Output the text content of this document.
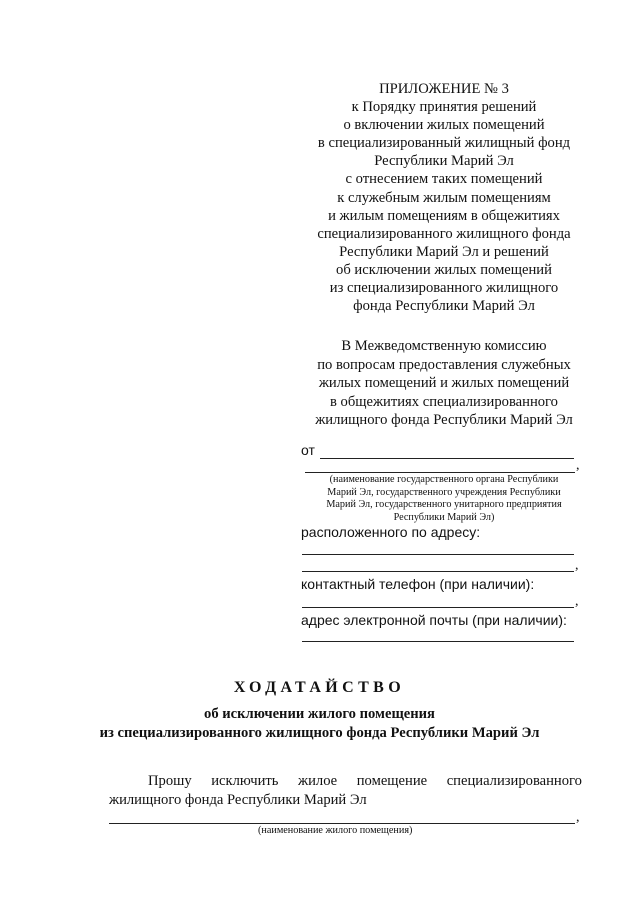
ПРИЛОЖЕНИЕ № 3
к Порядку принятия решений
о включении жилых помещений
в специализированный жилищный фонд
Республики Марий Эл
с отнесением таких помещений
к служебным жилым помещениям
и жилым помещениям в общежитиях
специализированного жилищного фонда
Республики Марий Эл и решений
об исключении жилых помещений
из специализированного жилищного
фонда Республики Марий Эл
В Межведомственную комиссию
по вопросам предоставления служебных
жилых помещений и жилых помещений
в общежитиях специализированного
жилищного фонда Республики Марий Эл
от
,
(наименование государственного органа Республики
Марий Эл, государственного учреждения Республики
Марий Эл, государственного унитарного предприятия
Республики Марий Эл)
расположенного по адресу:
,
контактный телефон (при наличии):
,
адрес электронной почты (при наличии):
ХОДАТАЙСТВО
об исключении жилого помещения
из специализированного жилищного фонда Республики Марий Эл
Прошу исключить жилое помещение специализированного
жилищного фонда Республики Марий Эл
,
(наименование жилого помещения)
